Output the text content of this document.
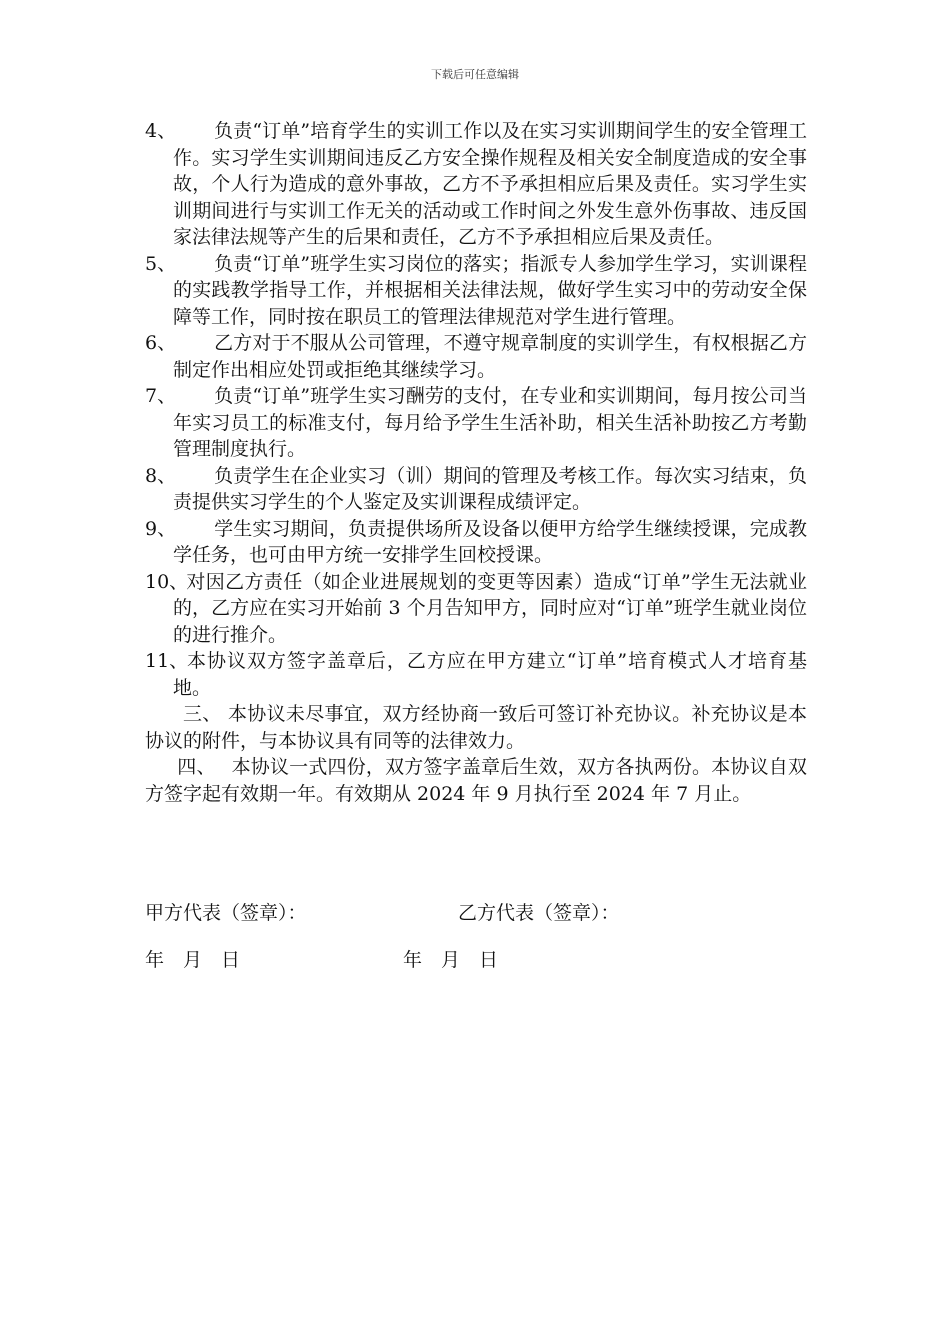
下载后可任意编辑
4、	负责“订单”培育学生的实训工作以及在实习实训期间学生的安全管理工作。实习学生实训期间违反乙方安全操作规程及相关安全制度造成的安全事故，个人行为造成的意外事故，乙方不予承担相应后果及责任。实习学生实训期间进行与实训工作无关的活动或工作时间之外发生意外伤事故、违反国家法律法规等产生的后果和责任，乙方不予承担相应后果及责任。
5、	负责“订单”班学生实习岗位的落实；指派专人参加学生学习，实训课程的实践教学指导工作，并根据相关法律法规，做好学生实习中的劳动安全保障等工作，同时按在职员工的管理法律规范对学生进行管理。
6、	乙方对于不服从公司管理，不遵守规章制度的实训学生，有权根据乙方制定作出相应处罚或拒绝其继续学习。
7、	负责“订单”班学生实习酬劳的支付，在专业和实训期间，每月按公司当年实习员工的标准支付，每月给予学生生活补助，相关生活补助按乙方考勤管理制度执行。
8、	负责学生在企业实习（训）期间的管理及考核工作。每次实习结束，负责提供实习学生的个人鉴定及实训课程成绩评定。
9、	学生实习期间，负责提供场所及设备以便甲方给学生继续授课，完成教学任务，也可由甲方统一安排学生回校授课。
10、
对因乙方责任（如企业进展规划的变更等因素）造成“订单”学生无法就业的，乙方应在实习开始前 3 个月告知甲方，同时应对“订单”班学生就业岗位的进行推介。
11、
本协议双方签字盖章后，乙方应在甲方建立“订单”培育模式人才培育基地。

三、 本协议未尽事宜，双方经协商一致后可签订补充协议。补充协议是本协议的附件，与本协议具有同等的法律效力。

四、　 本协议一式四份，双方签字盖章后生效，双方各执两份。本协议自双方签字起有效期一年。有效期从 2024 年 9 月执行至 2024 年 7 月止。

甲方代表（签章）：	乙方代表（签章）：
年　月　日	年　月　日
